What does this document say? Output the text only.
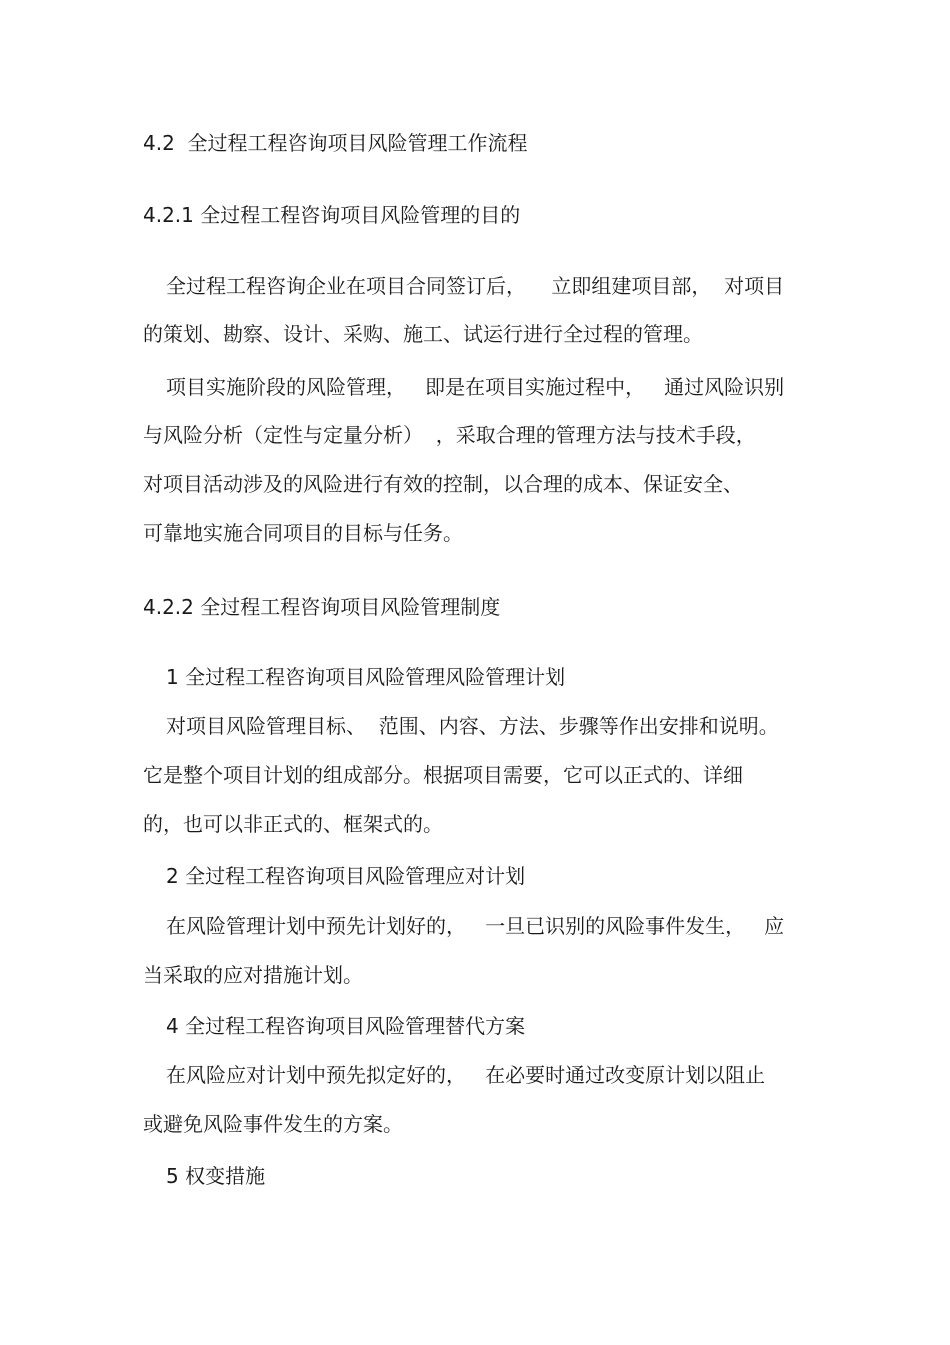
4.2  全过程工程咨询项目风险管理工作流程

4.2.1 全过程工程咨询项目风险管理的目的

全过程工程咨询企业在项目合同签订后，    立即组建项目部，  对项目

的策划、勘察、设计、采购、施工、试运行进行全过程的管理。

项目实施阶段的风险管理，   即是在项目实施过程中，   通过风险识别

与风险分析（定性与定量分析）  ，采取合理的管理方法与技术手段，

对项目活动涉及的风险进行有效的控制，以合理的成本、保证安全、

可靠地实施合同项目的目标与任务。

4.2.2 全过程工程咨询项目风险管理制度

1 全过程工程咨询项目风险管理风险管理计划

对项目风险管理目标、  范围、内容、方法、步骤等作出安排和说明。

它是整个项目计划的组成部分。根据项目需要，它可以正式的、详细

的，也可以非正式的、框架式的。

2 全过程工程咨询项目风险管理应对计划

在风险管理计划中预先计划好的，   一旦已识别的风险事件发生，   应

当采取的应对措施计划。

4 全过程工程咨询项目风险管理替代方案

在风险应对计划中预先拟定好的，   在必要时通过改变原计划以阻止

或避免风险事件发生的方案。

5 权变措施
